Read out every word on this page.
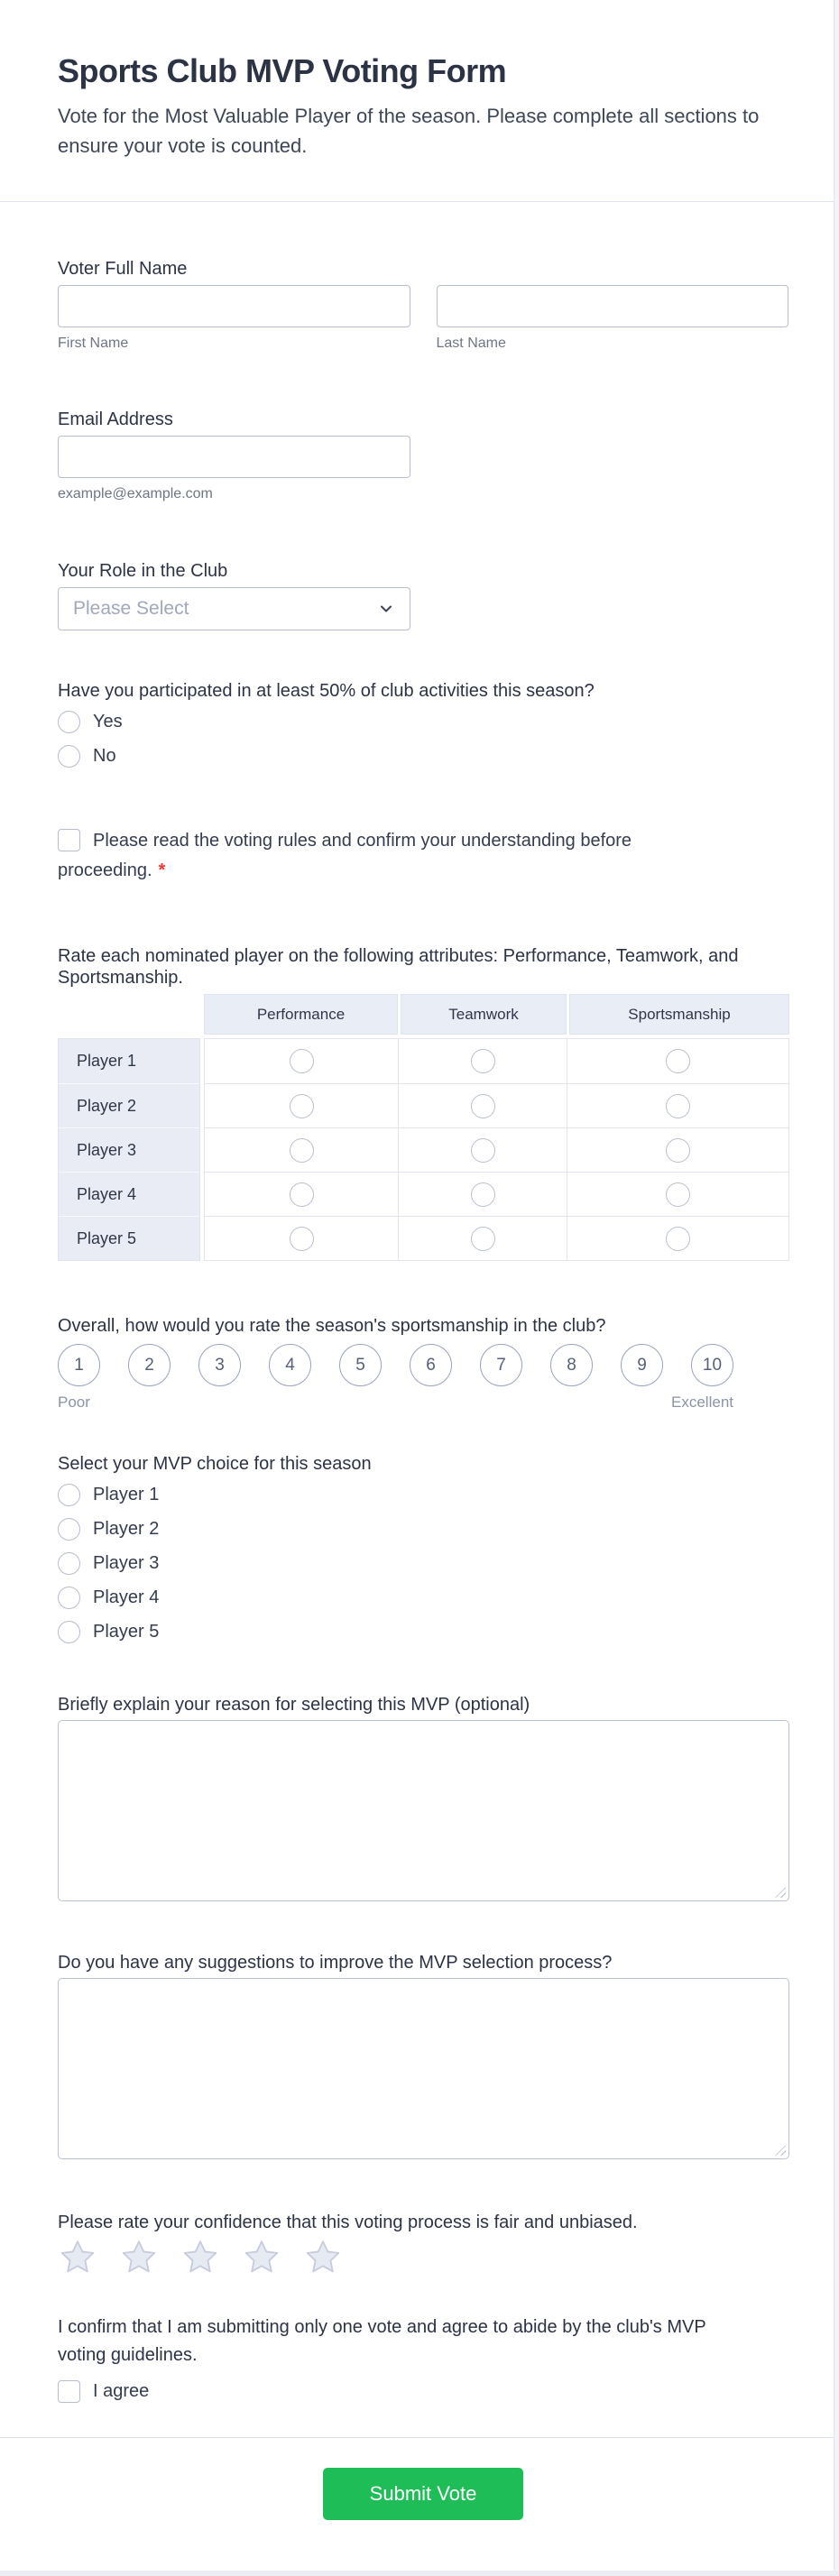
Sports Club MVP Voting Form

Vote for the Most Valuable Player of the season. Please complete all sections to
ensure your vote is counted.

Voter Full Name
First Name	Last Name
Email Address
example@example.com
Your Role in the Club
Please Select
Have you participated in at least 50% of club activities this season?
Yes
No
Please read the voting rules and confirm your understanding before
proceeding. *
Rate each nominated player on the following attributes: Performance, Teamwork, and
Sportsmanship.
Performance	Teamwork	Sportsmanship
Player 1
Player 2
Player 3
Player 4
Player 5
Overall, how would you rate the season's sportsmanship in the club?
1	2	3	4	5	6	7	8	9	10
Poor	Excellent
Select your MVP choice for this season
Player 1
Player 2
Player 3
Player 4
Player 5
Briefly explain your reason for selecting this MVP (optional)
Do you have any suggestions to improve the MVP selection process?
Please rate your confidence that this voting process is fair and unbiased.
I confirm that I am submitting only one vote and agree to abide by the club's MVP
voting guidelines.
I agree
Submit Vote
